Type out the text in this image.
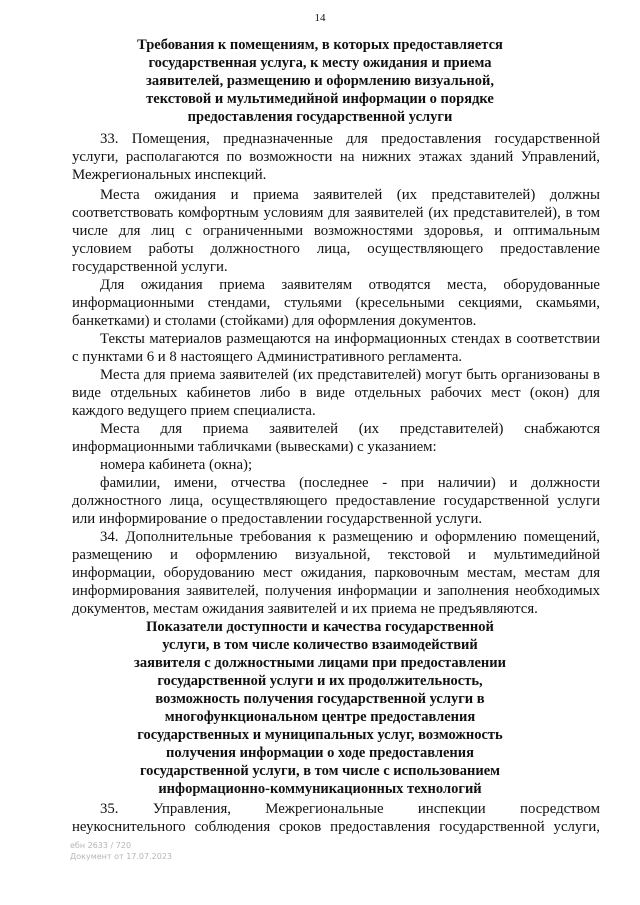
14
Требования к помещениям, в которых предоставляется
государственная услуга, к месту ожидания и приема
заявителей, размещению и оформлению визуальной,
текстовой и мультимедийной информации о порядке
предоставления государственной услуги
33. Помещения, предназначенные для предоставления государственной
услуги, располагаются по возможности на нижних этажах зданий Управлений,
Межрегиональных инспекций.
Места ожидания и приема заявителей (их представителей) должны
соответствовать комфортным условиям для заявителей (их представителей), в том
числе для лиц с ограниченными возможностями здоровья, и оптимальным
условием работы должностного лица, осуществляющего предоставление
государственной услуги.
Для ожидания приема заявителям отводятся места, оборудованные
информационными стендами, стульями (кресельными секциями, скамьями,
банкетками) и столами (стойками) для оформления документов.
Тексты материалов размещаются на информационных стендах в соответствии
с пунктами 6 и 8 настоящего Административного регламента.
Места для приема заявителей (их представителей) могут быть организованы в
виде отдельных кабинетов либо в виде отдельных рабочих мест (окон) для
каждого ведущего прием специалиста.
Места для приема заявителей (их представителей) снабжаются
информационными табличками (вывесками) с указанием:
номера кабинета (окна);
фамилии, имени, отчества (последнее - при наличии) и должности
должностного лица, осуществляющего предоставление государственной услуги
или информирование о предоставлении государственной услуги.
34. Дополнительные требования к размещению и оформлению помещений,
размещению и оформлению визуальной, текстовой и мультимедийной
информации, оборудованию мест ожидания, парковочным местам, местам для
информирования заявителей, получения информации и заполнения необходимых
документов, местам ожидания заявителей и их приема не предъявляются.
Показатели доступности и качества государственной
услуги, в том числе количество взаимодействий
заявителя с должностными лицами при предоставлении
государственной услуги и их продолжительность,
возможность получения государственной услуги в
многофункциональном центре предоставления
государственных и муниципальных услуг, возможность
получения информации о ходе предоставления
государственной услуги, в том числе с использованием
информационно-коммуникационных технологий
35. Управления, Межрегиональные инспекции посредством
неукоснительного соблюдения сроков предоставления государственной услуги,
ебн 2633 / 720
Документ от 17.07.2023
